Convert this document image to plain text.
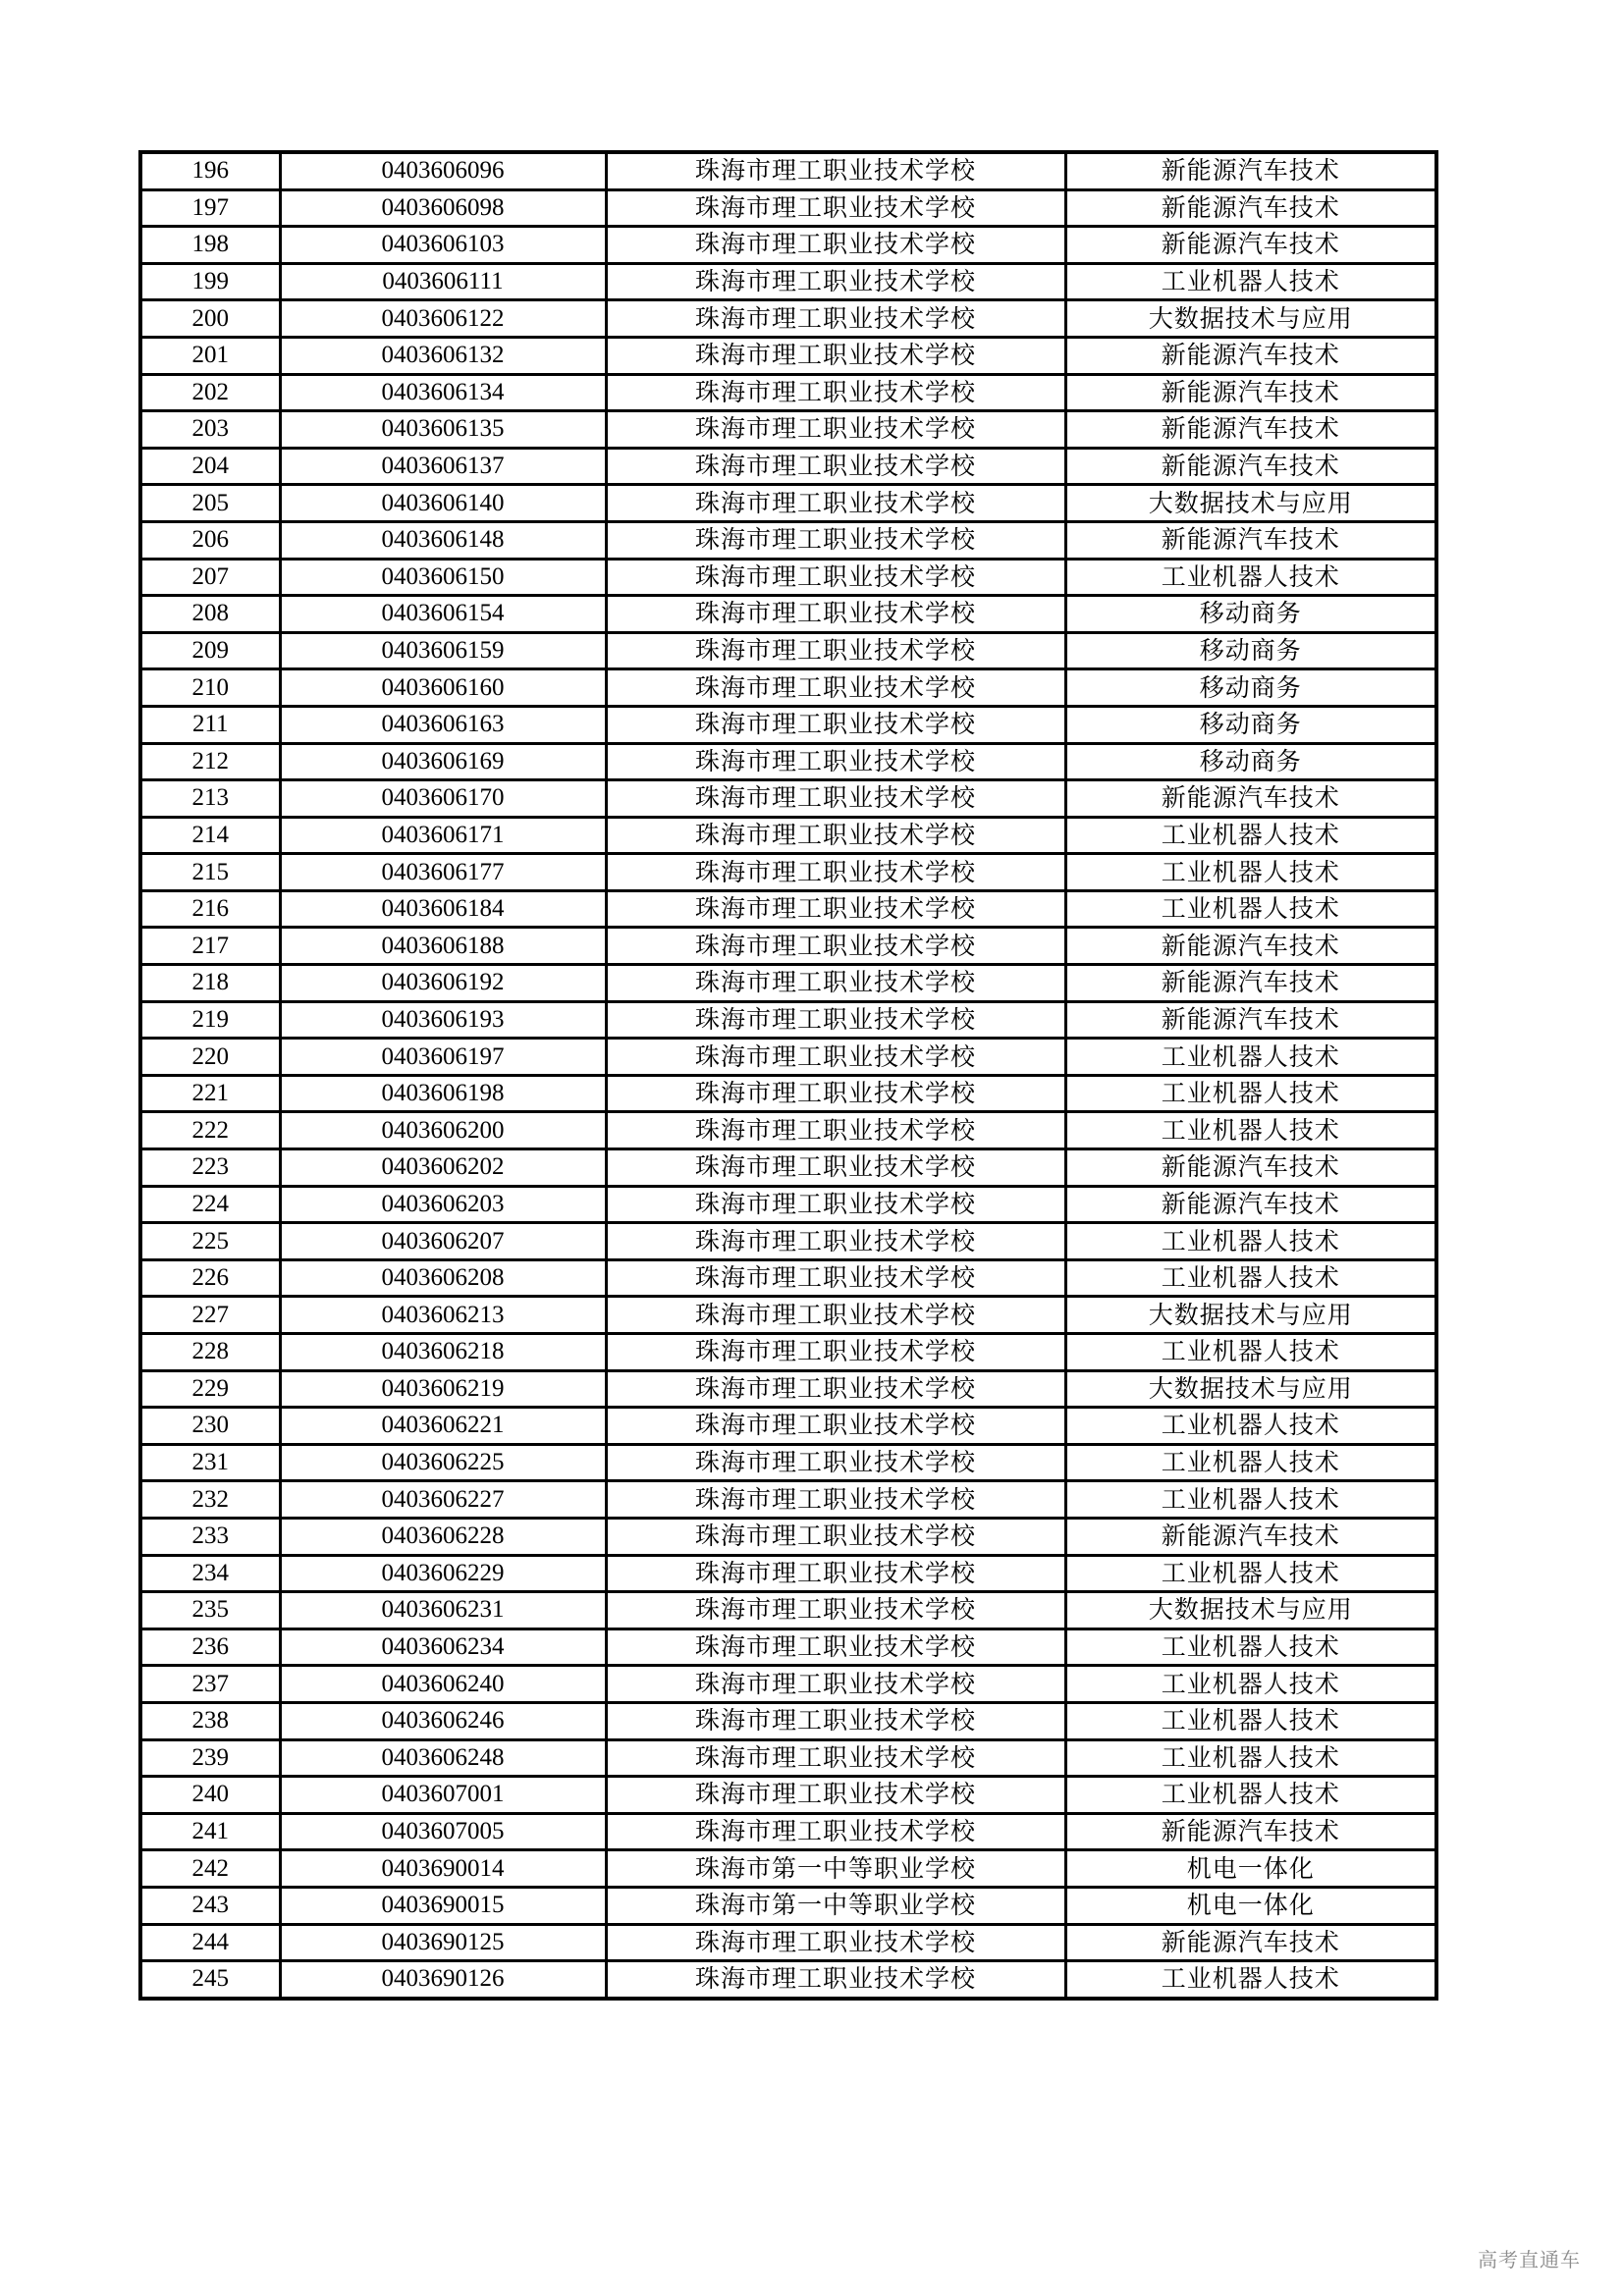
196	0403606096	珠海市理工职业技术学校	新能源汽车技术
197	0403606098	珠海市理工职业技术学校	新能源汽车技术
198	0403606103	珠海市理工职业技术学校	新能源汽车技术
199	0403606111	珠海市理工职业技术学校	工业机器人技术
200	0403606122	珠海市理工职业技术学校	大数据技术与应用
201	0403606132	珠海市理工职业技术学校	新能源汽车技术
202	0403606134	珠海市理工职业技术学校	新能源汽车技术
203	0403606135	珠海市理工职业技术学校	新能源汽车技术
204	0403606137	珠海市理工职业技术学校	新能源汽车技术
205	0403606140	珠海市理工职业技术学校	大数据技术与应用
206	0403606148	珠海市理工职业技术学校	新能源汽车技术
207	0403606150	珠海市理工职业技术学校	工业机器人技术
208	0403606154	珠海市理工职业技术学校	移动商务
209	0403606159	珠海市理工职业技术学校	移动商务
210	0403606160	珠海市理工职业技术学校	移动商务
211	0403606163	珠海市理工职业技术学校	移动商务
212	0403606169	珠海市理工职业技术学校	移动商务
213	0403606170	珠海市理工职业技术学校	新能源汽车技术
214	0403606171	珠海市理工职业技术学校	工业机器人技术
215	0403606177	珠海市理工职业技术学校	工业机器人技术
216	0403606184	珠海市理工职业技术学校	工业机器人技术
217	0403606188	珠海市理工职业技术学校	新能源汽车技术
218	0403606192	珠海市理工职业技术学校	新能源汽车技术
219	0403606193	珠海市理工职业技术学校	新能源汽车技术
220	0403606197	珠海市理工职业技术学校	工业机器人技术
221	0403606198	珠海市理工职业技术学校	工业机器人技术
222	0403606200	珠海市理工职业技术学校	工业机器人技术
223	0403606202	珠海市理工职业技术学校	新能源汽车技术
224	0403606203	珠海市理工职业技术学校	新能源汽车技术
225	0403606207	珠海市理工职业技术学校	工业机器人技术
226	0403606208	珠海市理工职业技术学校	工业机器人技术
227	0403606213	珠海市理工职业技术学校	大数据技术与应用
228	0403606218	珠海市理工职业技术学校	工业机器人技术
229	0403606219	珠海市理工职业技术学校	大数据技术与应用
230	0403606221	珠海市理工职业技术学校	工业机器人技术
231	0403606225	珠海市理工职业技术学校	工业机器人技术
232	0403606227	珠海市理工职业技术学校	工业机器人技术
233	0403606228	珠海市理工职业技术学校	新能源汽车技术
234	0403606229	珠海市理工职业技术学校	工业机器人技术
235	0403606231	珠海市理工职业技术学校	大数据技术与应用
236	0403606234	珠海市理工职业技术学校	工业机器人技术
237	0403606240	珠海市理工职业技术学校	工业机器人技术
238	0403606246	珠海市理工职业技术学校	工业机器人技术
239	0403606248	珠海市理工职业技术学校	工业机器人技术
240	0403607001	珠海市理工职业技术学校	工业机器人技术
241	0403607005	珠海市理工职业技术学校	新能源汽车技术
242	0403690014	珠海市第一中等职业学校	机电一体化
243	0403690015	珠海市第一中等职业学校	机电一体化
244	0403690125	珠海市理工职业技术学校	新能源汽车技术
245	0403690126	珠海市理工职业技术学校	工业机器人技术
高考直通车
